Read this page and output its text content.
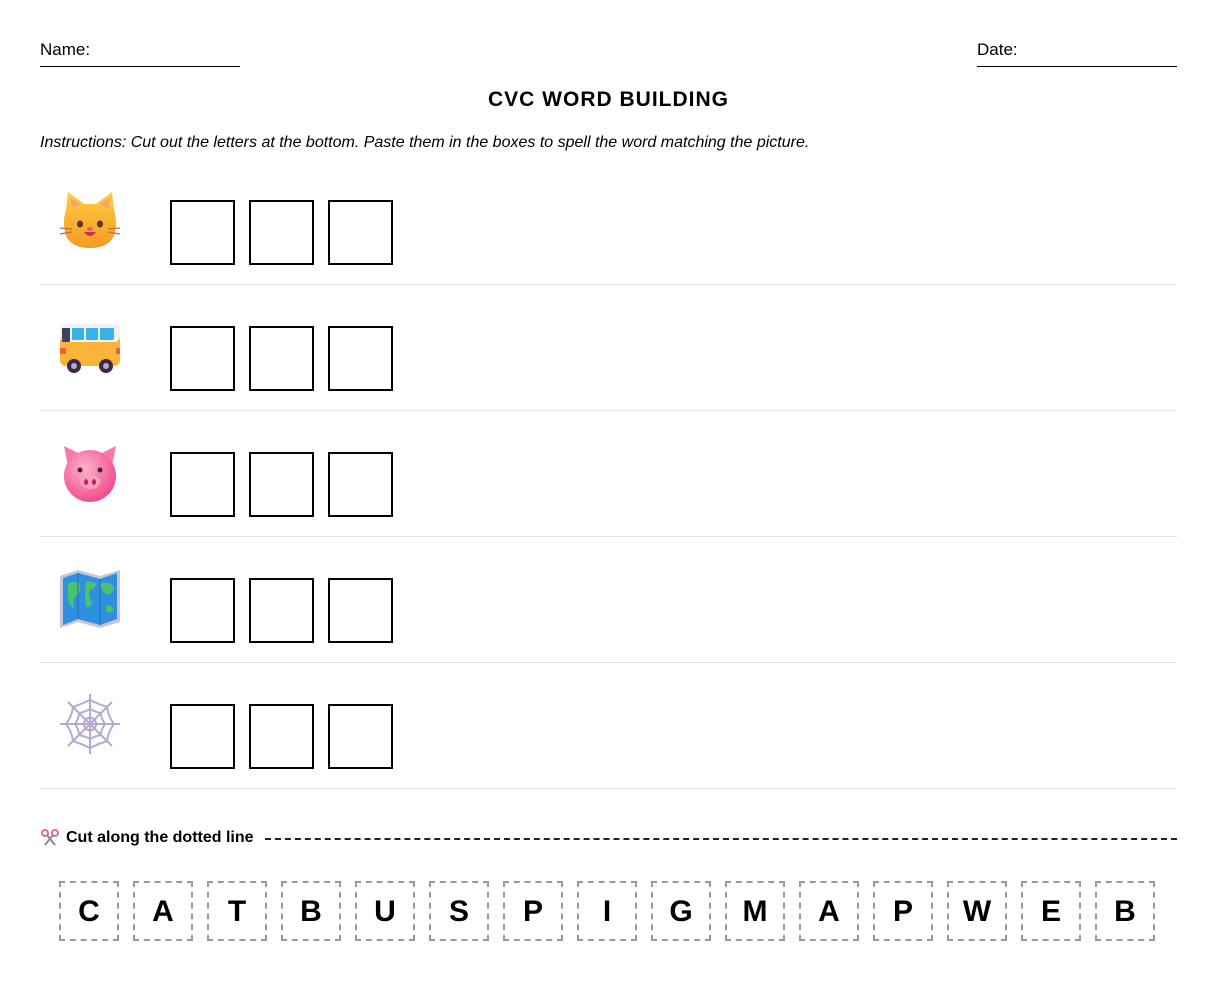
Name:	Date:
CVC WORD BUILDING
Instructions: Cut out the letters at the bottom. Paste them in the boxes to spell the word matching the picture.
Cut along the dotted line
C	A	T	B	U	S	P	I	G	M	A	P	W	E	B
